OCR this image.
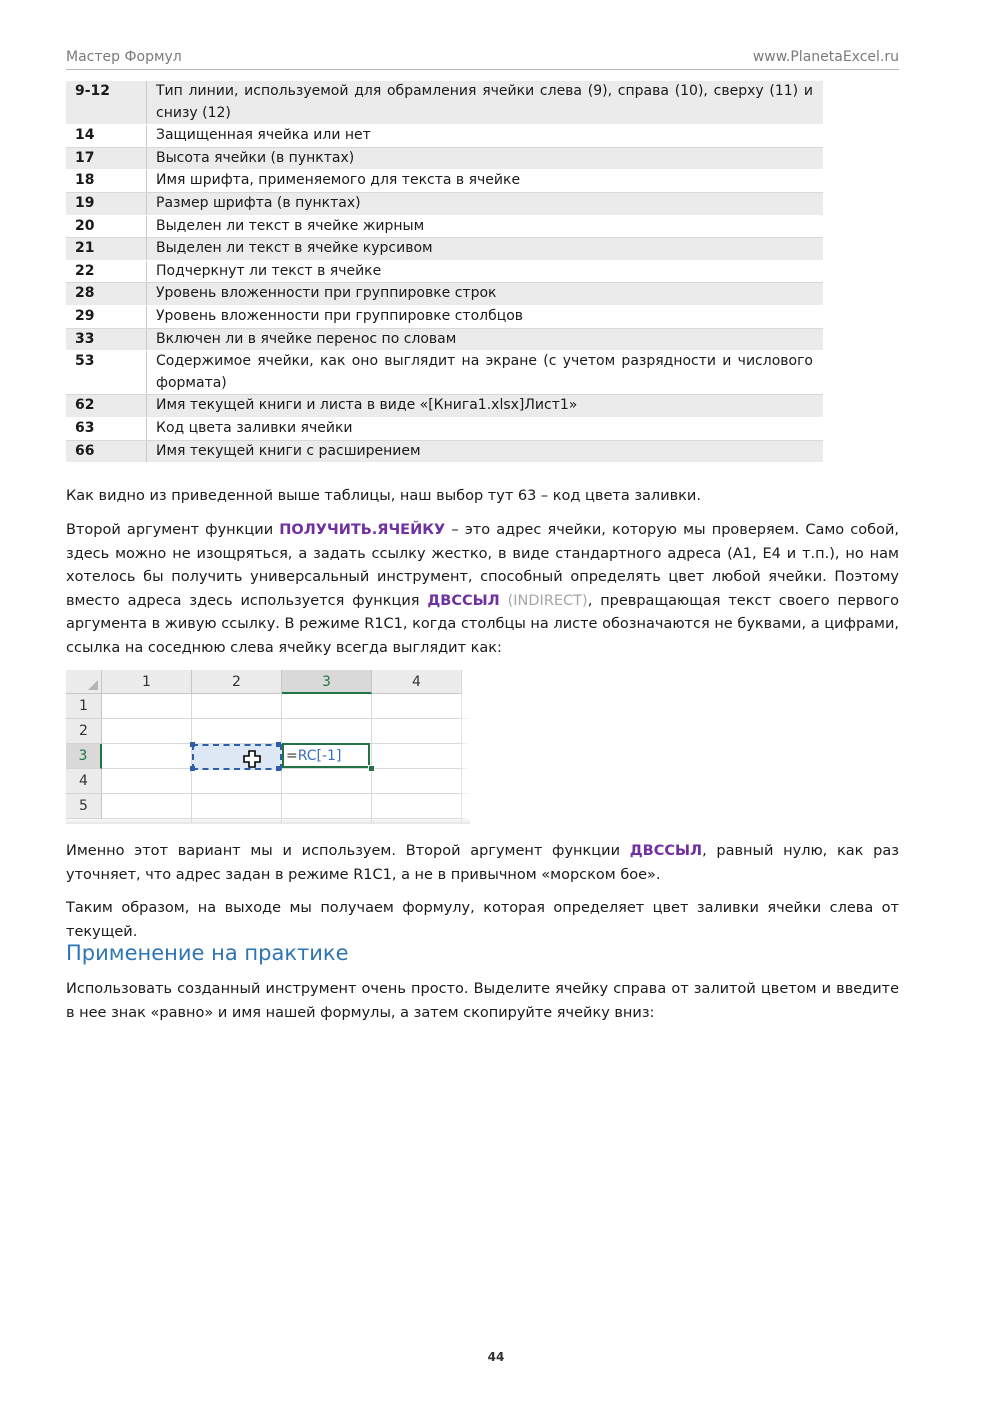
Мастер Формул	www.PlanetaExcel.ru
9-12	Тип линии, используемой для обрамления ячейки слева (9), справа (10), сверху (11) и снизу (12)
14	Защищенная ячейка или нет
17	Высота ячейки (в пунктах)
18	Имя шрифта, применяемого для текста в ячейке
19	Размер шрифта (в пунктах)
20	Выделен ли текст в ячейке жирным
21	Выделен ли текст в ячейке курсивом
22	Подчеркнут ли текст в ячейке
28	Уровень вложенности при группировке строк
29	Уровень вложенности при группировке столбцов
33	Включен ли в ячейке перенос по словам
53	Содержимое ячейки, как оно выглядит на экране (с учетом разрядности и числового формата)
62	Имя текущей книги и листа в виде «[Книга1.xlsx]Лист1»
63	Код цвета заливки ячейки
66	Имя текущей книги с расширением

Как видно из приведенной выше таблицы, наш выбор тут 63 – код цвета заливки.

Второй аргумент функции ПОЛУЧИТЬ.ЯЧЕЙКУ – это адрес ячейки, которую мы проверяем. Само собой, здесь можно не изощряться, а задать ссылку жестко, в виде стандартного адреса (A1, E4 и т.п.), но нам хотелось бы получить универсальный инструмент, способный определять цвет любой ячейки. Поэтому вместо адреса здесь используется функция ДВССЫЛ (INDIRECT), превращающая текст своего первого аргумента в живую ссылку. В режиме R1C1, когда столбцы на листе обозначаются не буквами, а цифрами, ссылка на соседнюю слева ячейку всегда выглядит как:

1	2	3	4
1
2
3
4
5
=RC[-1]

Именно этот вариант мы и используем. Второй аргумент функции ДВССЫЛ, равный нулю, как раз уточняет, что адрес задан в режиме R1C1, а не в привычном «морском бое».

Таким образом, на выходе мы получаем формулу, которая определяет цвет заливки ячейки слева от текущей.

Применение на практике

Использовать созданный инструмент очень просто. Выделите ячейку справа от залитой цветом и введите в нее знак «равно» и имя нашей формулы, а затем скопируйте ячейку вниз:

44
